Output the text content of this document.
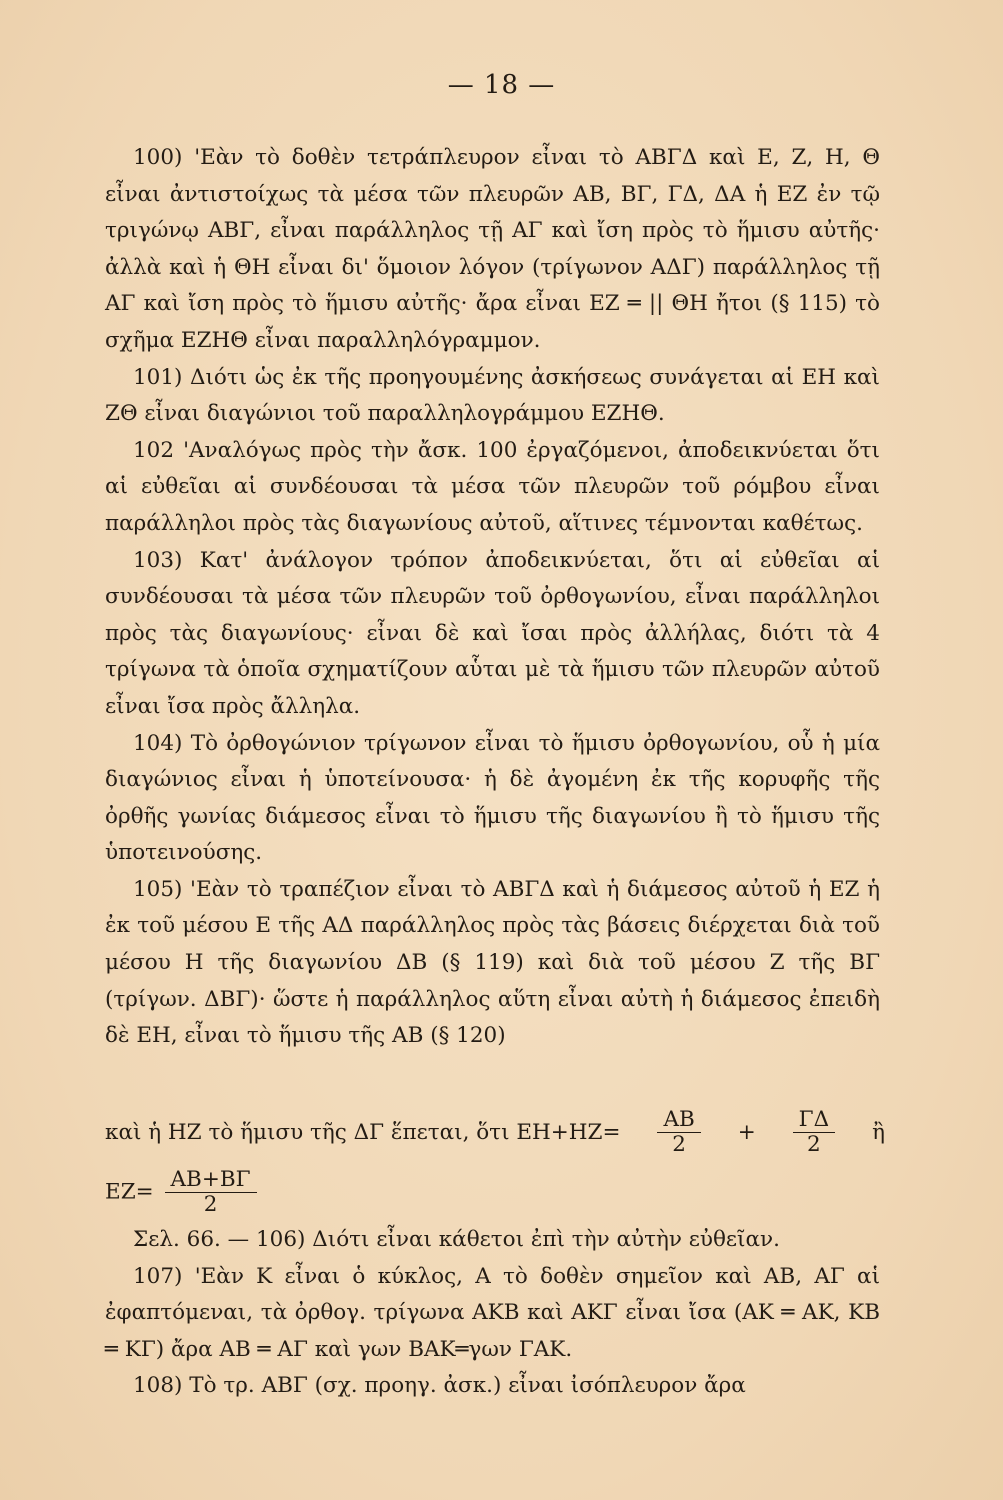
— 18 —

100) 'Εὰν τὸ δοθὲν τετράπλευρον εἶναι τὸ ΑΒΓΔ καὶ Ε, Ζ, Η, Θ εἶναι ἀντιστοίχως τὰ μέσα τῶν πλευρῶν ΑΒ, ΒΓ, ΓΔ, ΔΑ ἡ ΕΖ ἐν τῷ τριγώνῳ ΑΒΓ, εἶναι παράλληλος τῇ ΑΓ καὶ ἴση πρὸς τὸ ἥμισυ αὐτῆς· ἀλλὰ καὶ ἡ ΘΗ εἶναι δι' ὅμοιον λόγον (τρίγωνον ΑΔΓ) παράλληλος τῇ ΑΓ καὶ ἴση πρὸς τὸ ἥμισυ αὐτῆς· ἄρα εἶναι ΕΖ ═ || ΘΗ ἤτοι (§ 115) τὸ σχῆμα ΕΖΗΘ εἶναι παραλληλόγραμμον.

101) Διότι ὡς ἐκ τῆς προηγουμένης ἀσκήσεως συνάγεται αἱ ΕΗ καὶ ΖΘ εἶναι διαγώνιοι τοῦ παραλληλογράμμου ΕΖΗΘ.

102 'Αναλόγως πρὸς τὴν ἄσκ. 100 ἐργαζόμενοι, ἀποδεικνύεται ὅτι αἱ εὐθεῖαι αἱ συνδέουσαι τὰ μέσα τῶν πλευρῶν τοῦ ρόμβου εἶναι παράλληλοι πρὸς τὰς διαγωνίους αὐτοῦ, αἵτινες τέμνονται καθέτως.

103) Κατ' ἀνάλογον τρόπον ἀποδεικνύεται, ὅτι αἱ εὐθεῖαι αἱ συνδέουσαι τὰ μέσα τῶν πλευρῶν τοῦ ὀρθογωνίου, εἶναι παράλληλοι πρὸς τὰς διαγωνίους· εἶναι δὲ καὶ ἴσαι πρὸς ἀλλήλας, διότι τὰ 4 τρίγωνα τὰ ὁποῖα σχηματίζουν αὗται μὲ τὰ ἥμισυ τῶν πλευρῶν αὐτοῦ εἶναι ἴσα πρὸς ἄλληλα.

104) Τὸ ὀρθογώνιον τρίγωνον εἶναι τὸ ἥμισυ ὀρθογωνίου, οὗ ἡ μία διαγώνιος εἶναι ἡ ὑποτείνουσα· ἡ δὲ ἀγομένη ἐκ τῆς κορυφῆς τῆς ὀρθῆς γωνίας διάμεσος εἶναι τὸ ἥμισυ τῆς διαγωνίου ἢ τὸ ἥμισυ τῆς ὑποτεινούσης.

105) 'Εὰν τὸ τραπέζιον εἶναι τὸ ΑΒΓΔ καὶ ἡ διάμεσος αὐτοῦ ἡ ΕΖ ἡ ἐκ τοῦ μέσου Ε τῆς ΑΔ παράλληλος πρὸς τὰς βάσεις διέρχεται διὰ τοῦ μέσου Η τῆς διαγωνίου ΔΒ (§ 119) καὶ διὰ τοῦ μέσου Ζ τῆς ΒΓ (τρίγων. ΔΒΓ)· ὥστε ἡ παράλληλος αὕτη εἶναι αὐτὴ ἡ διάμεσος ἐπειδὴ δὲ ΕΗ, εἶναι τὸ ἥμισυ τῆς ΑΒ (§ 120)

καὶ ἡ ΗΖ τὸ ἥμισυ τῆς ΔΓ ἕπεται, ὅτι $EH+HZ= \frac{AB}{2} + \frac{\Gamma\Delta}{2}$ ἢ
$EZ= \frac{AB+B\Gamma}{2}$

Σελ. 66. — 106) Διότι εἶναι κάθετοι ἐπὶ τὴν αὐτὴν εὐθεῖαν.

107) 'Εὰν Κ εἶναι ὁ κύκλος, Α τὸ δοθὲν σημεῖον καὶ ΑΒ, ΑΓ αἱ ἐφαπτόμεναι, τὰ ὀρθογ. τρίγωνα ΑΚΒ καὶ ΑΚΓ εἶναι ἴσα (ΑΚ ═ ΑΚ, ΚΒ ═ ΚΓ) ἄρα ΑΒ ═ ΑΓ καὶ γων ΒΑΚ═γων ΓΑΚ.

108) Τὸ τρ. ΑΒΓ (σχ. προηγ. ἀσκ.) εἶναι ἰσόπλευρον ἄρα
